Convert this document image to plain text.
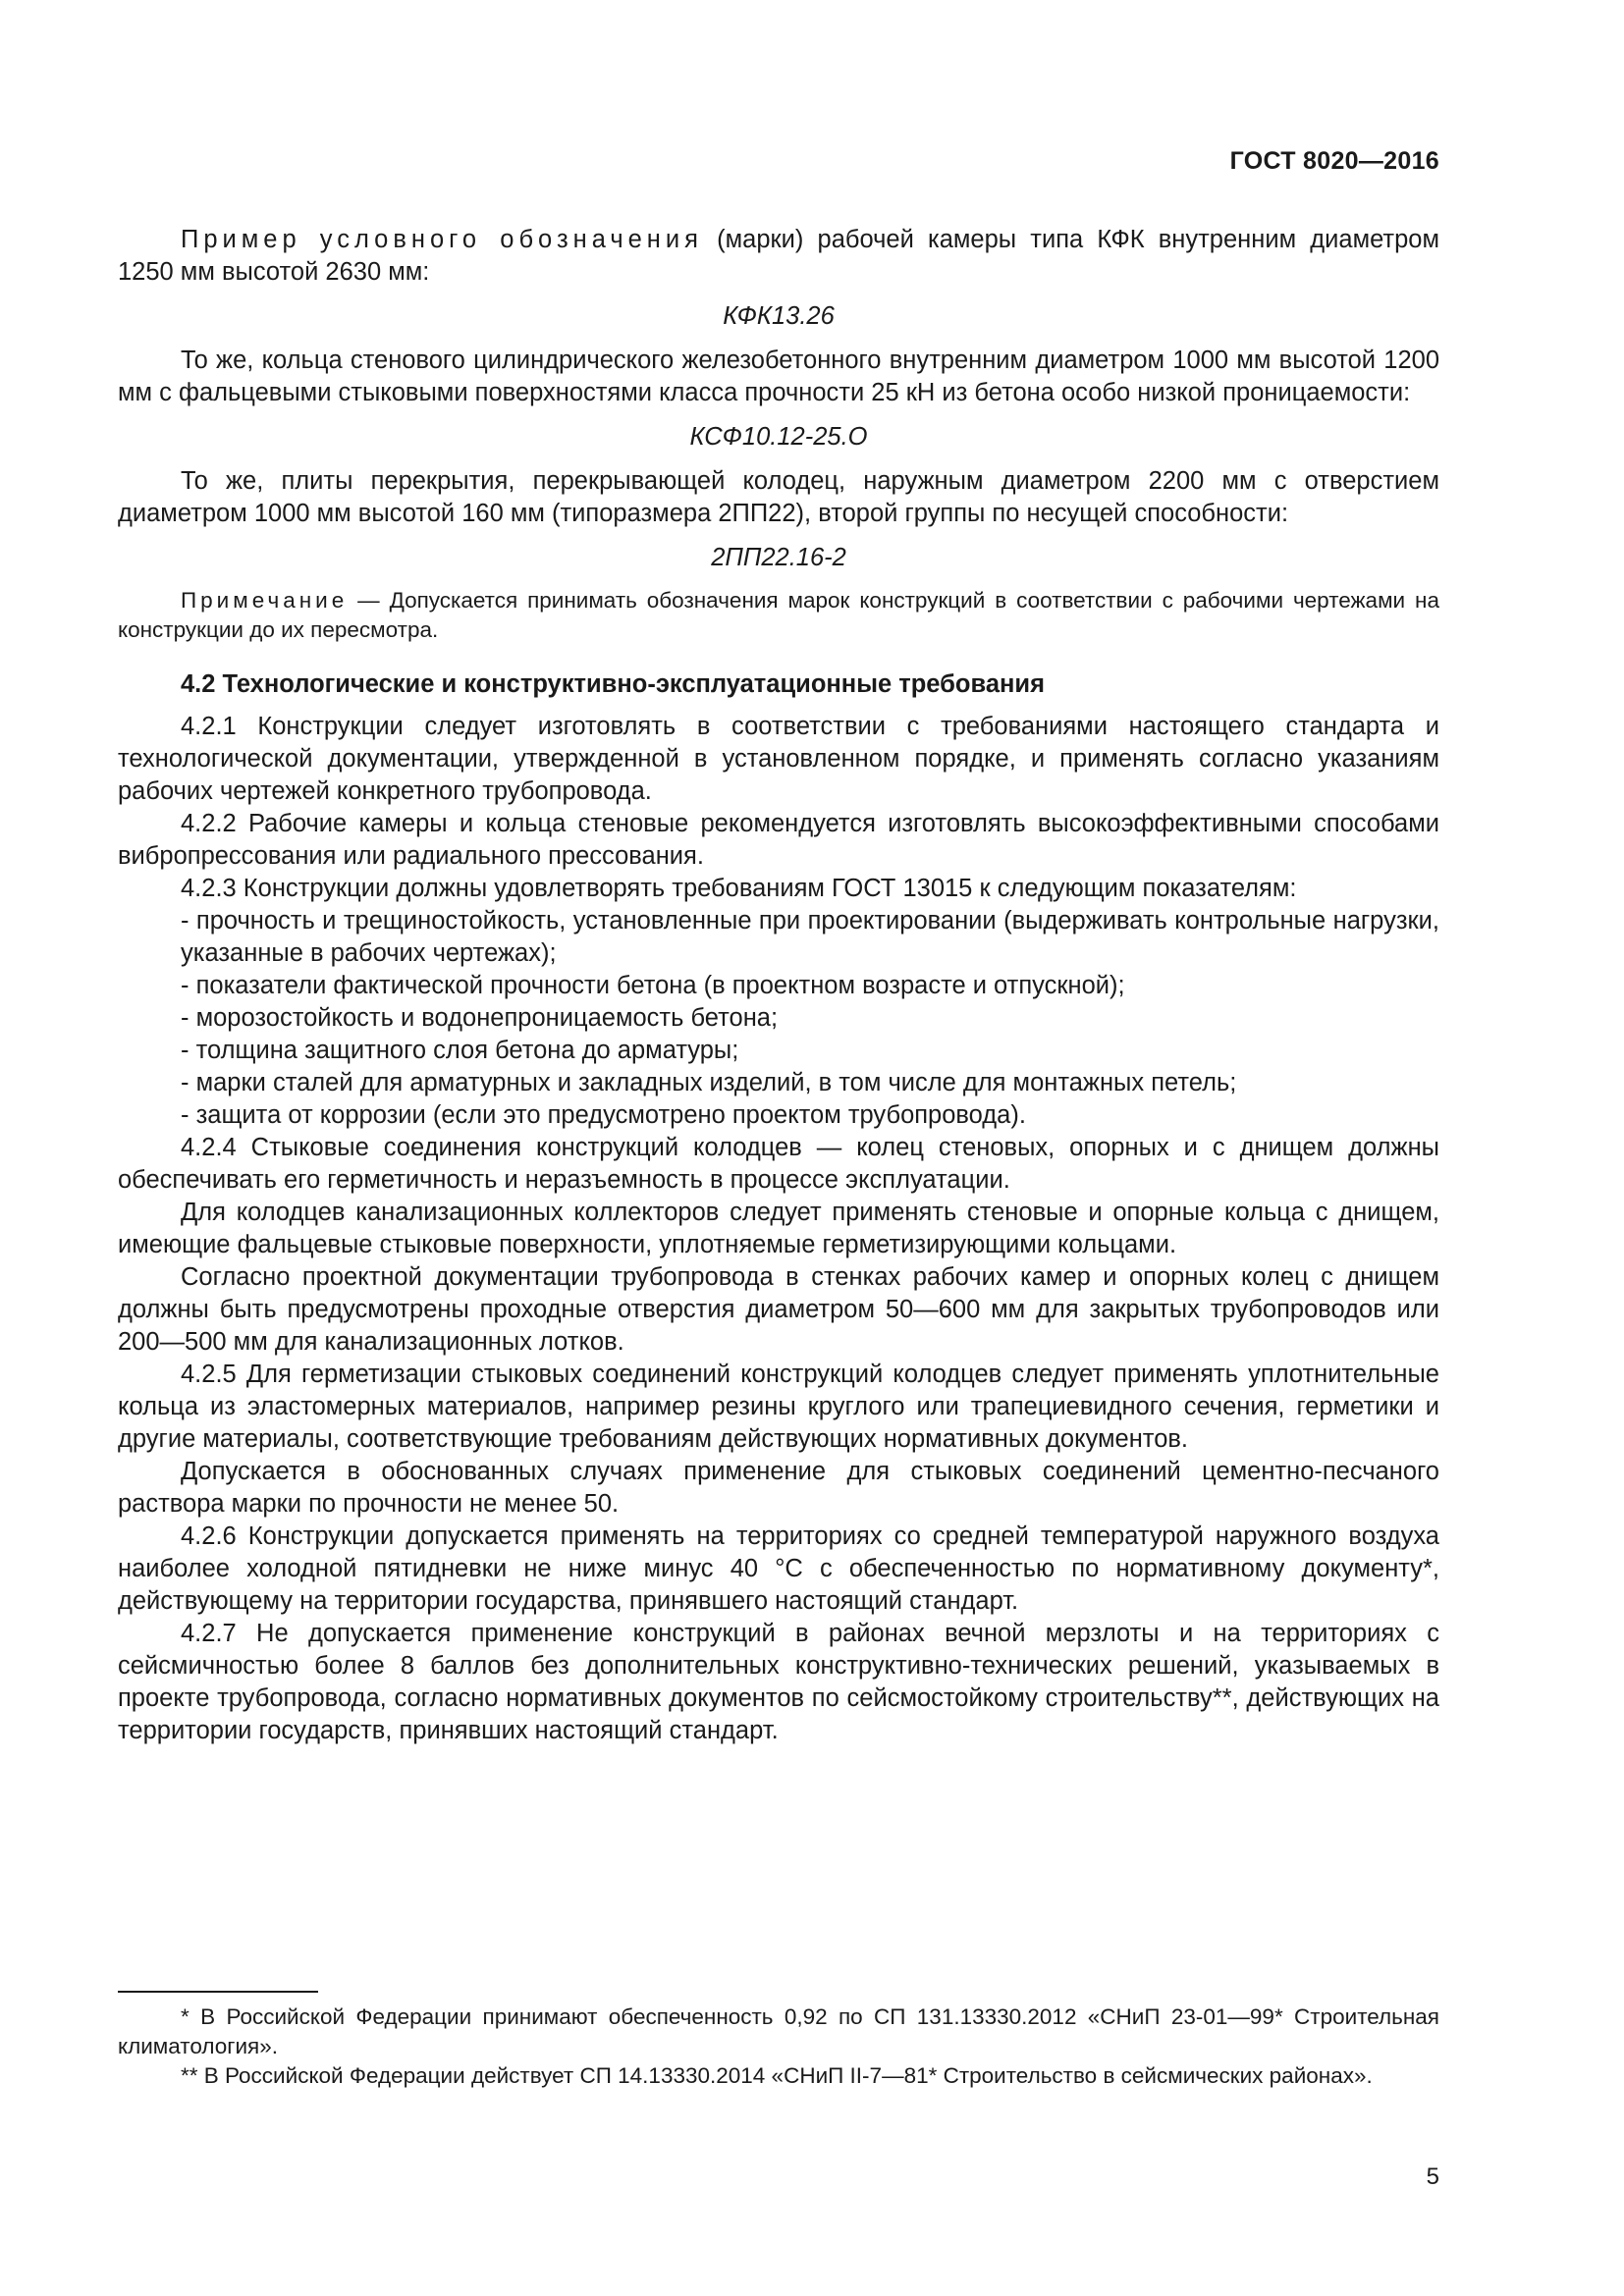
ГОСТ 8020—2016

Пример условного обозначения (марки) рабочей камеры типа КФК внутренним диаметром 1250 мм высотой 2630 мм:

КФК13.26

То же, кольца стенового цилиндрического железобетонного внутренним диаметром 1000 мм высотой 1200 мм с фальцевыми стыковыми поверхностями класса прочности 25 кН из бетона особо низкой проницаемости:

КСФ10.12-25.О

То же, плиты перекрытия, перекрывающей колодец, наружным диаметром 2200 мм с отверстием диаметром 1000 мм высотой 160 мм (типоразмера 2ПП22), второй группы по несущей способности:

2ПП22.16-2

Примечание — Допускается принимать обозначения марок конструкций в соответствии с рабочими чертежами на конструкции до их пересмотра.

4.2 Технологические и конструктивно-эксплуатационные требования

4.2.1 Конструкции следует изготовлять в соответствии с требованиями настоящего стандарта и технологической документации, утвержденной в установленном порядке, и применять согласно указаниям рабочих чертежей конкретного трубопровода.

4.2.2 Рабочие камеры и кольца стеновые рекомендуется изготовлять высокоэффективными способами вибропрессования или радиального прессования.

4.2.3 Конструкции должны удовлетворять требованиям ГОСТ 13015 к следующим показателям:

- прочность и трещиностойкость, установленные при проектировании (выдерживать контрольные нагрузки, указанные в рабочих чертежах);

- показатели фактической прочности бетона (в проектном возрасте и отпускной);

- морозостойкость и водонепроницаемость бетона;

- толщина защитного слоя бетона до арматуры;

- марки сталей для арматурных и закладных изделий, в том числе для монтажных петель;

- защита от коррозии (если это предусмотрено проектом трубопровода).

4.2.4 Стыковые соединения конструкций колодцев — колец стеновых, опорных и с днищем должны обеспечивать его герметичность и неразъемность в процессе эксплуатации.

Для колодцев канализационных коллекторов следует применять стеновые и опорные кольца с днищем, имеющие фальцевые стыковые поверхности, уплотняемые герметизирующими кольцами.

Согласно проектной документации трубопровода в стенках рабочих камер и опорных колец с днищем должны быть предусмотрены проходные отверстия диаметром 50—600 мм для закрытых трубопроводов или 200—500 мм для канализационных лотков.

4.2.5 Для герметизации стыковых соединений конструкций колодцев следует применять уплотнительные кольца из эластомерных материалов, например резины круглого или трапециевидного сечения, герметики и другие материалы, соответствующие требованиям действующих нормативных документов.

Допускается в обоснованных случаях применение для стыковых соединений цементно-песчаного раствора марки по прочности не менее 50.

4.2.6 Конструкции допускается применять на территориях со средней температурой наружного воздуха наиболее холодной пятидневки не ниже минус 40 °С с обеспеченностью по нормативному документу*, действующему на территории государства, принявшего настоящий стандарт.

4.2.7 Не допускается применение конструкций в районах вечной мерзлоты и на территориях с сейсмичностью более 8 баллов без дополнительных конструктивно-технических решений, указываемых в проекте трубопровода, согласно нормативных документов по сейсмостойкому строительству**, действующих на территории государств, принявших настоящий стандарт.

* В Российской Федерации принимают обеспеченность 0,92 по СП 131.13330.2012 «СНиП 23-01—99* Строительная климатология».

** В Российской Федерации действует СП 14.13330.2014 «СНиП II-7—81* Строительство в сейсмических районах».

5
